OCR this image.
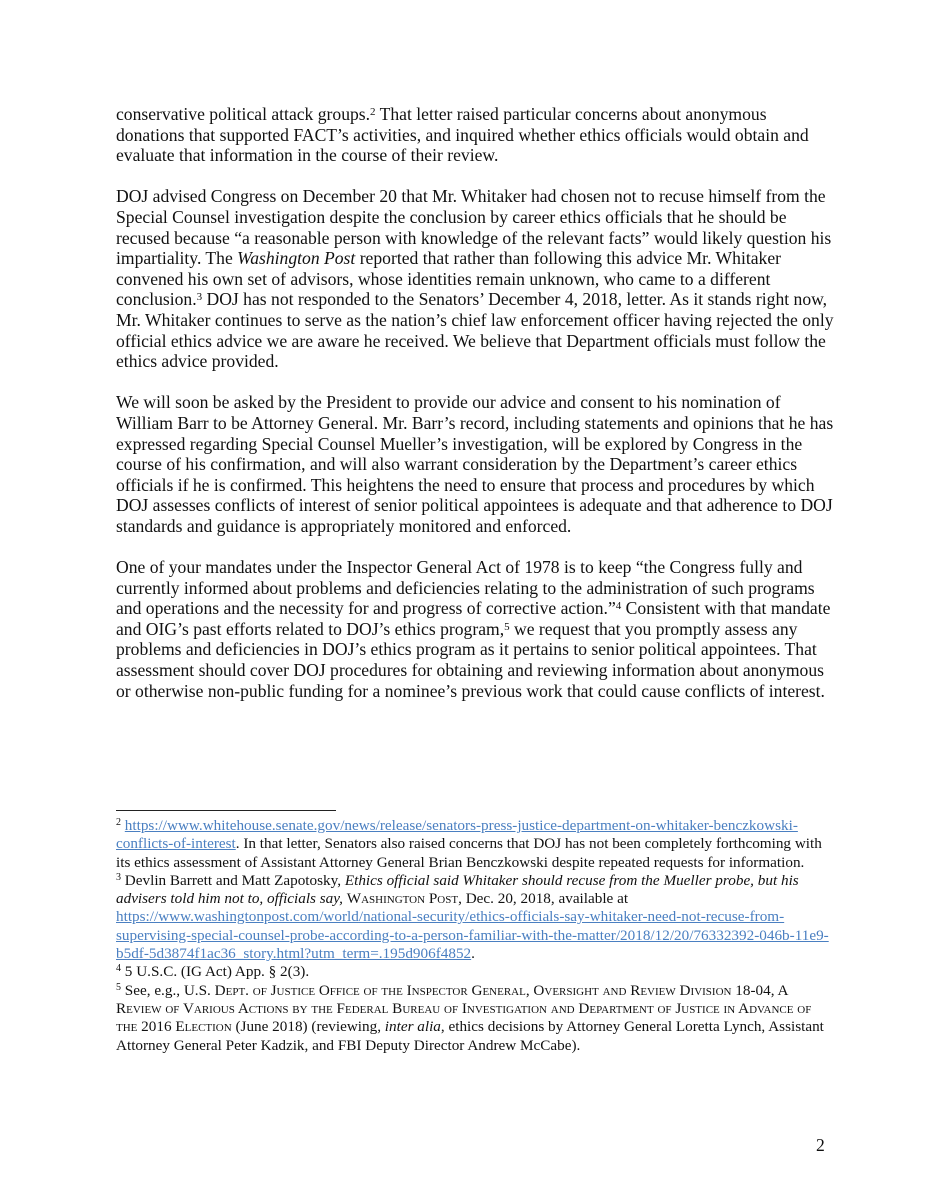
conservative political attack groups.$^2$ That letter raised particular concerns about anonymous donations that supported FACT’s activities, and inquired whether ethics officials would obtain and evaluate that information in the course of their review.

DOJ advised Congress on December 20 that Mr. Whitaker had chosen not to recuse himself from the Special Counsel investigation despite the conclusion by career ethics officials that he should be recused because “a reasonable person with knowledge of the relevant facts” would likely question his impartiality. The Washington Post reported that rather than following this advice Mr. Whitaker convened his own set of advisors, whose identities remain unknown, who came to a different conclusion.$^3$ DOJ has not responded to the Senators’ December 4, 2018, letter. As it stands right now, Mr. Whitaker continues to serve as the nation’s chief law enforcement officer having rejected the only official ethics advice we are aware he received. We believe that Department officials must follow the ethics advice provided.

We will soon be asked by the President to provide our advice and consent to his nomination of William Barr to be Attorney General. Mr. Barr’s record, including statements and opinions that he has expressed regarding Special Counsel Mueller’s investigation, will be explored by Congress in the course of his confirmation, and will also warrant consideration by the Department’s career ethics officials if he is confirmed. This heightens the need to ensure that process and procedures by which DOJ assesses conflicts of interest of senior political appointees is adequate and that adherence to DOJ standards and guidance is appropriately monitored and enforced.

One of your mandates under the Inspector General Act of 1978 is to keep “the Congress fully and currently informed about problems and deficiencies relating to the administration of such programs and operations and the necessity for and progress of corrective action.”$^4$ Consistent with that mandate and OIG’s past efforts related to DOJ’s ethics program,$^5$ we request that you promptly assess any problems and deficiencies in DOJ’s ethics program as it pertains to senior political appointees. That assessment should cover DOJ procedures for obtaining and reviewing information about anonymous or otherwise non-public funding for a nominee’s previous work that could cause conflicts of interest.

$^2$ https://www.whitehouse.senate.gov/news/release/senators-press-justice-department-on-whitaker-benczkowski-conflicts-of-interest. In that letter, Senators also raised concerns that DOJ has not been completely forthcoming with its ethics assessment of Assistant Attorney General Brian Benczkowski despite repeated requests for information.

$^3$ Devlin Barrett and Matt Zapotosky, Ethics official said Whitaker should recuse from the Mueller probe, but his advisers told him not to, officials say, Washington Post, Dec. 20, 2018, available at https://www.washingtonpost.com/world/national-security/ethics-officials-say-whitaker-need-not-recuse-from-supervising-special-counsel-probe-according-to-a-person-familiar-with-the-matter/2018/12/20/76332392-046b-11e9-b5df-5d3874f1ac36_story.html?utm_term=.195d906f4852.

$^4$ 5 U.S.C. (IG Act) App. § 2(3).

$^5$ See, e.g., U.S. Dept. of Justice Office of the Inspector General, Oversight and Review Division 18-04, A Review of Various Actions by the Federal Bureau of Investigation and Department of Justice in Advance of the 2016 Election (June 2018) (reviewing, inter alia, ethics decisions by Attorney General Loretta Lynch, Assistant Attorney General Peter Kadzik, and FBI Deputy Director Andrew McCabe).

2
